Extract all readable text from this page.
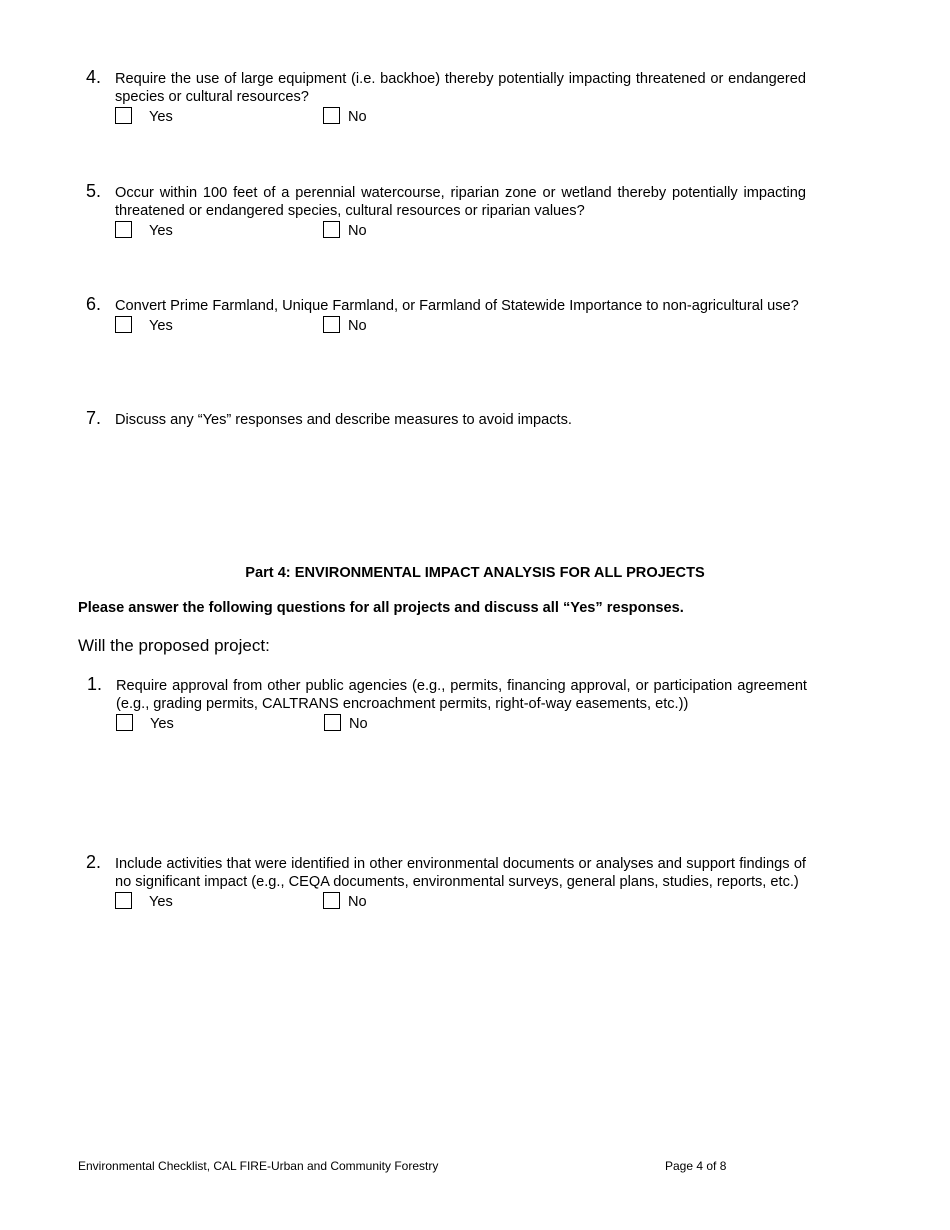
4. Require the use of large equipment (i.e. backhoe) thereby potentially impacting threatened or endangered species or cultural resources?
Yes	No
5. Occur within 100 feet of a perennial watercourse, riparian zone or wetland thereby potentially impacting threatened or endangered species, cultural resources or riparian values?
Yes	No
6. Convert Prime Farmland, Unique Farmland, or Farmland of Statewide Importance to non-agricultural use?
Yes	No
7. Discuss any “Yes” responses and describe measures to avoid impacts.
Part 4: ENVIRONMENTAL IMPACT ANALYSIS FOR ALL PROJECTS
Please answer the following questions for all projects and discuss all “Yes” responses.
Will the proposed project:
1. Require approval from other public agencies (e.g., permits, financing approval, or participation agreement (e.g., grading permits, CALTRANS encroachment permits, right-of-way easements, etc.))
Yes	No
2. Include activities that were identified in other environmental documents or analyses and support findings of no significant impact (e.g., CEQA documents, environmental surveys, general plans, studies, reports, etc.)
Yes	No
Environmental Checklist, CAL FIRE-Urban and Community Forestry	Page 4 of 8
